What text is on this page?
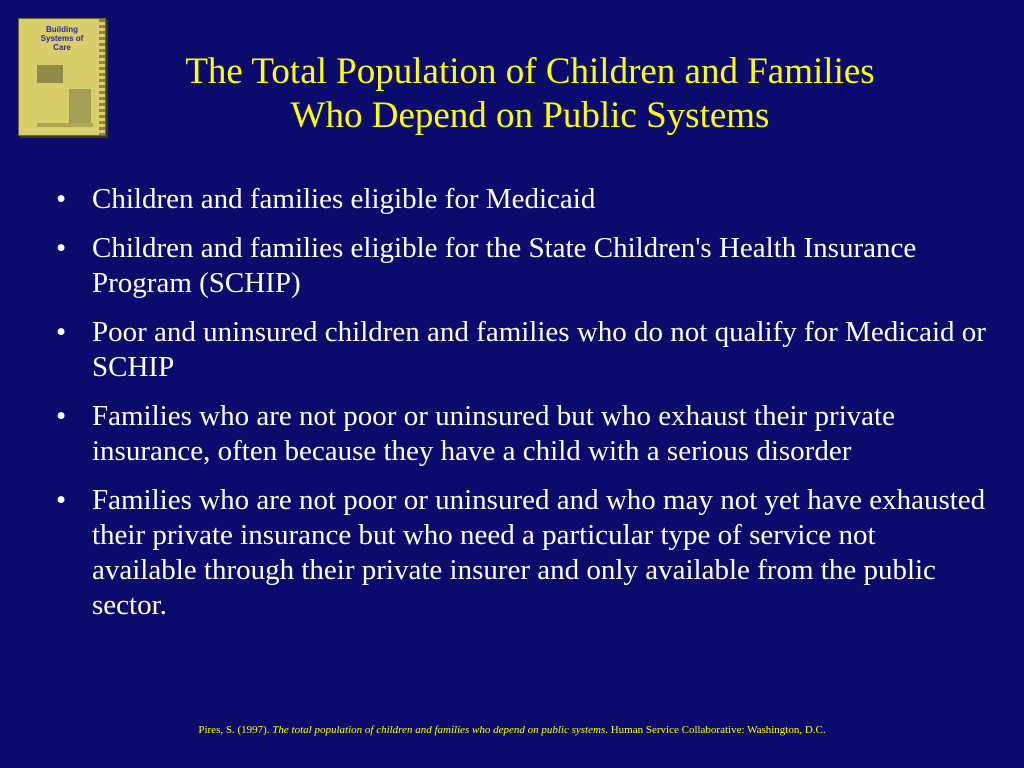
Building Systems of Care
The Total Population of Children and Families
Who Depend on Public Systems
• Children and families eligible for Medicaid
• Children and families eligible for the State Children's Health Insurance Program (SCHIP)
• Poor and uninsured children and families who do not qualify for Medicaid or SCHIP
• Families who are not poor or uninsured but who exhaust their private insurance, often because they have a child with a serious disorder
• Families who are not poor or uninsured and who may not yet have exhausted their private insurance but who need a particular type of service not available through their private insurer and only available from the public sector.
Pires, S. (1997). The total population of children and families who depend on public systems. Human Service Collaborative: Washington, D.C.
